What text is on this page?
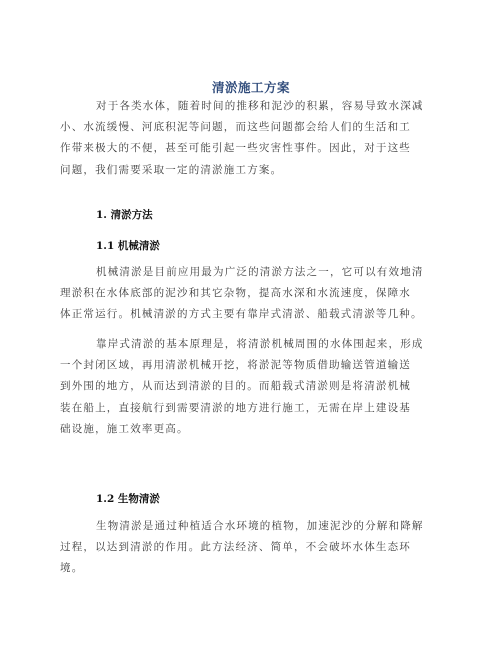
清淤施工方案

对于各类水体，随着时间的推移和泥沙的积累，容易导致水深减
小、水流缓慢、河底积泥等问题，而这些问题都会给人们的生活和工
作带来极大的不便，甚至可能引起一些灾害性事件。因此，对于这些
问题，我们需要采取一定的清淤施工方案。

1. 清淤方法
1.1 机械清淤

机械清淤是目前应用最为广泛的清淤方法之一，它可以有效地清
理淤积在水体底部的泥沙和其它杂物，提高水深和水流速度，保障水
体正常运行。机械清淤的方式主要有靠岸式清淤、船载式清淤等几种。

靠岸式清淤的基本原理是，将清淤机械周围的水体围起来，形成
一个封闭区域，再用清淤机械开挖，将淤泥等物质借助输送管道输送
到外围的地方，从而达到清淤的目的。而船载式清淤则是将清淤机械
装在船上，直接航行到需要清淤的地方进行施工，无需在岸上建设基
础设施，施工效率更高。

1.2 生物清淤

生物清淤是通过种植适合水环境的植物，加速泥沙的分解和降解
过程，以达到清淤的作用。此方法经济、简单，不会破坏水体生态环
境。
